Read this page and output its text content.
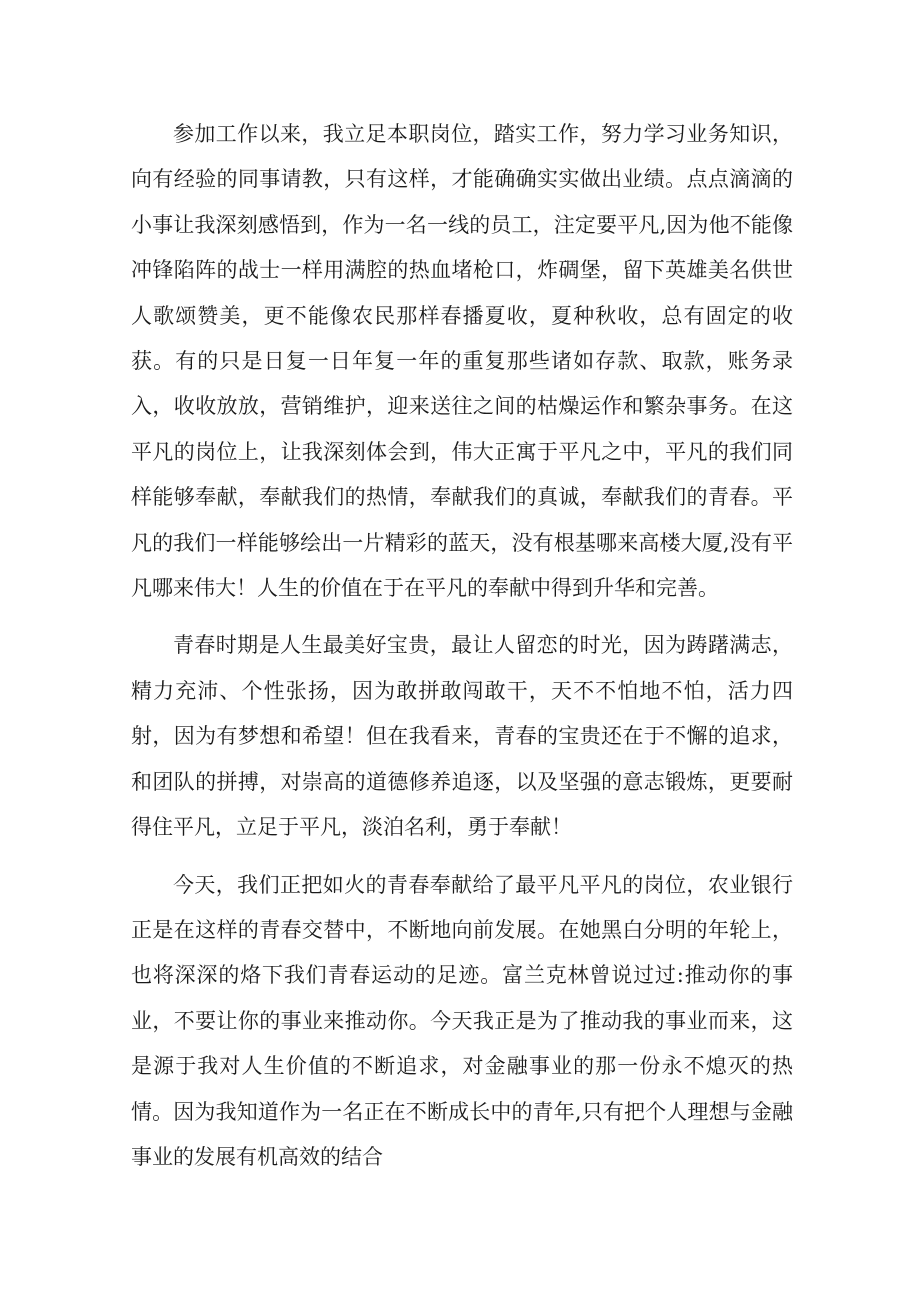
参加工作以来，我立足本职岗位，踏实工作，努力学习业务知识，向有经验的同事请教，只有这样，才能确确实实做出业绩。点点滴滴的小事让我深刻感悟到，作为一名一线的员工，注定要平凡,因为他不能像冲锋陷阵的战士一样用满腔的热血堵枪口，炸碉堡，留下英雄美名供世人歌颂赞美，更不能像农民那样春播夏收，夏种秋收，总有固定的收获。有的只是日复一日年复一年的重复那些诸如存款、取款，账务录入，收收放放，营销维护，迎来送往之间的枯燥运作和繁杂事务。在这平凡的岗位上，让我深刻体会到，伟大正寓于平凡之中，平凡的我们同样能够奉献，奉献我们的热情，奉献我们的真诚，奉献我们的青春。平凡的我们一样能够绘出一片精彩的蓝天，没有根基哪来高楼大厦,没有平凡哪来伟大！人生的价值在于在平凡的奉献中得到升华和完善。

青春时期是人生最美好宝贵，最让人留恋的时光，因为踌躇满志，精力充沛、个性张扬，因为敢拼敢闯敢干，天不不怕地不怕，活力四射，因为有梦想和希望！但在我看来，青春的宝贵还在于不懈的追求，和团队的拼搏，对崇高的道德修养追逐，以及坚强的意志锻炼，更要耐得住平凡，立足于平凡，淡泊名利，勇于奉献！

今天，我们正把如火的青春奉献给了最平凡平凡的岗位，农业银行正是在这样的青春交替中，不断地向前发展。在她黑白分明的年轮上，也将深深的烙下我们青春运动的足迹。富兰克林曾说过过:推动你的事业，不要让你的事业来推动你。今天我正是为了推动我的事业而来，这是源于我对人生价值的不断追求，对金融事业的那一份永不熄灭的热情。因为我知道作为一名正在不断成长中的青年,只有把个人理想与金融事业的发展有机高效的结合
